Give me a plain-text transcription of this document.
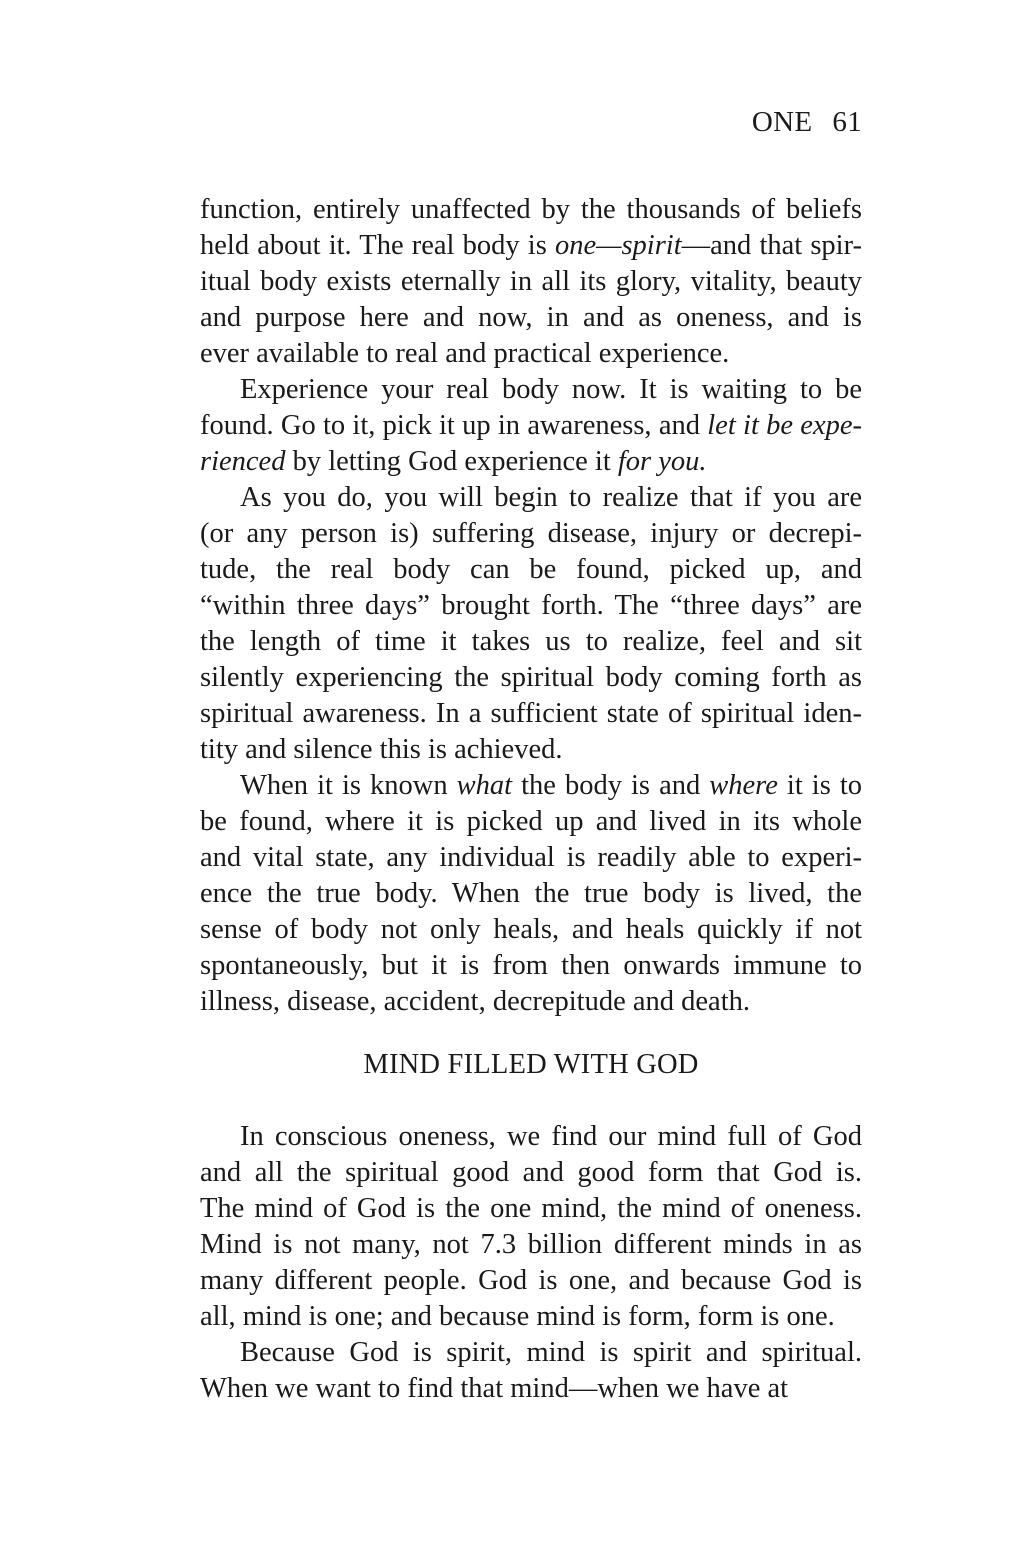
ONE 61
function, entirely unaffected by the thousands of beliefs
held about it. The real body is one—spirit—and that spir-
itual body exists eternally in all its glory, vitality, beauty
and purpose here and now, in and as oneness, and is
ever available to real and practical experience.
Experience your real body now. It is waiting to be
found. Go to it, pick it up in awareness, and let it be expe-
rienced by letting God experience it for you.
As you do, you will begin to realize that if you are
(or any person is) suffering disease, injury or decrepi-
tude, the real body can be found, picked up, and
“within three days” brought forth. The “three days” are
the length of time it takes us to realize, feel and sit
silently experiencing the spiritual body coming forth as
spiritual awareness. In a sufficient state of spiritual iden-
tity and silence this is achieved.
When it is known what the body is and where it is to
be found, where it is picked up and lived in its whole
and vital state, any individual is readily able to experi-
ence the true body. When the true body is lived, the
sense of body not only heals, and heals quickly if not
spontaneously, but it is from then onwards immune to
illness, disease, accident, decrepitude and death.
MIND FILLED WITH GOD
In conscious oneness, we find our mind full of God
and all the spiritual good and good form that God is.
The mind of God is the one mind, the mind of oneness.
Mind is not many, not 7.3 billion different minds in as
many different people. God is one, and because God is
all, mind is one; and because mind is form, form is one.
Because God is spirit, mind is spirit and spiritual.
When we want to find that mind—when we have at
